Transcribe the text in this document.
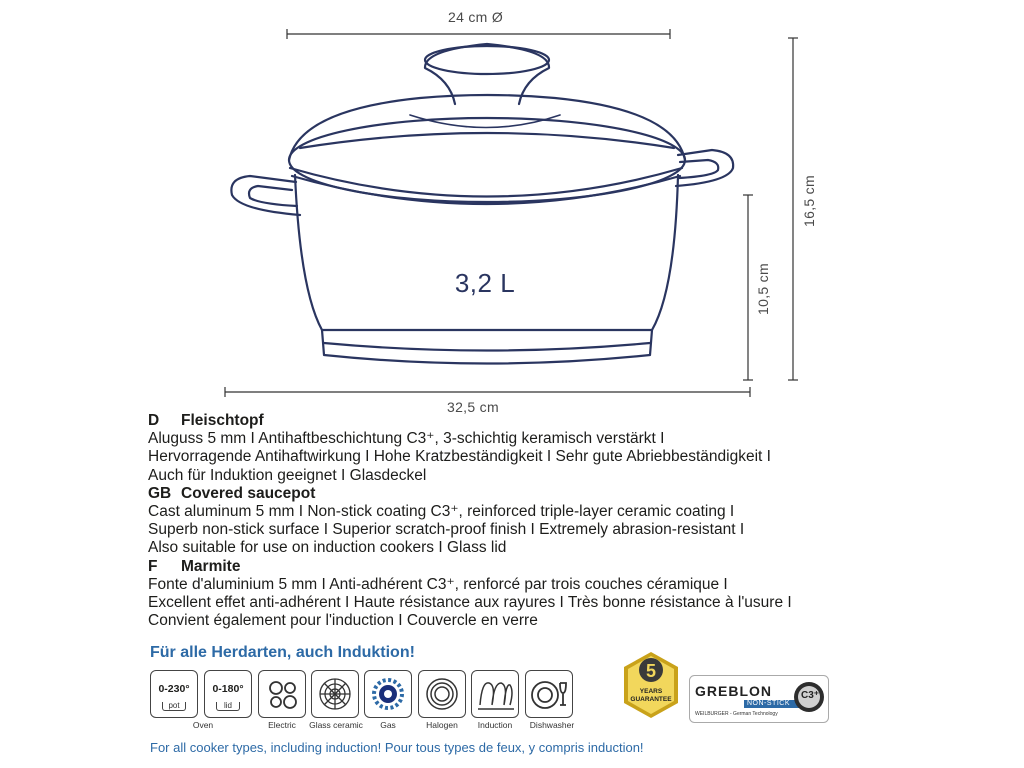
24 cm Ø
32,5 cm
10,5 cm
16,5 cm
3,2 L
D Fleischtopf
Aluguss 5 mm I Antihaftbeschichtung C3⁺, 3-schichtig keramisch verstärkt I
Hervorragende Antihaftwirkung I Hohe Kratzbeständigkeit I Sehr gute Abriebbeständigkeit I
Auch für Induktion geeignet I Glasdeckel
GB Covered saucepot
Cast aluminum 5 mm I Non-stick coating C3⁺, reinforced triple-layer ceramic coating I
Superb non-stick surface I Superior scratch-proof finish I Extremely abrasion-resistant I
Also suitable for use on induction cookers I Glass lid
F Marmite
Fonte d'aluminium 5 mm I Anti-adhérent C3⁺, renforcé par trois couches céramique I
Excellent effet anti-adhérent I Haute résistance aux rayures I Très bonne résistance à l'usure I
Convient également pour l'induction I Couvercle en verre
Für alle Herdarten, auch Induktion!
0-230°
pot
0-180°
lid
Oven	Electric	Glass ceramic	Gas	Halogen	Induction	Dishwasher
5
YEARS
GUARANTEE
GREBLON
NON-STICK
WEILBURGER - German Technology
C3⁺
For all cooker types, including induction! Pour tous types de feux, y compris induction!
